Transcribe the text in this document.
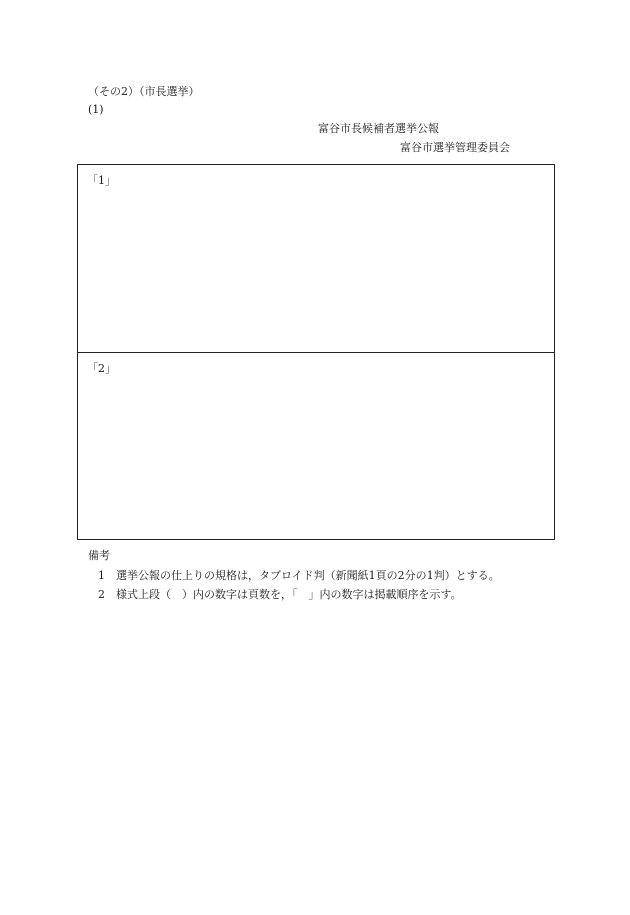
（その2）（市長選挙）
(1)
富谷市長候補者選挙公報
富谷市選挙管理委員会
「1」
「2」
備考
1 選挙公報の仕上りの規格は，タブロイド判（新聞紙1頁の2分の1判）とする。
2 様式上段（　）内の数字は頁数を，「　」内の数字は掲載順序を示す。
